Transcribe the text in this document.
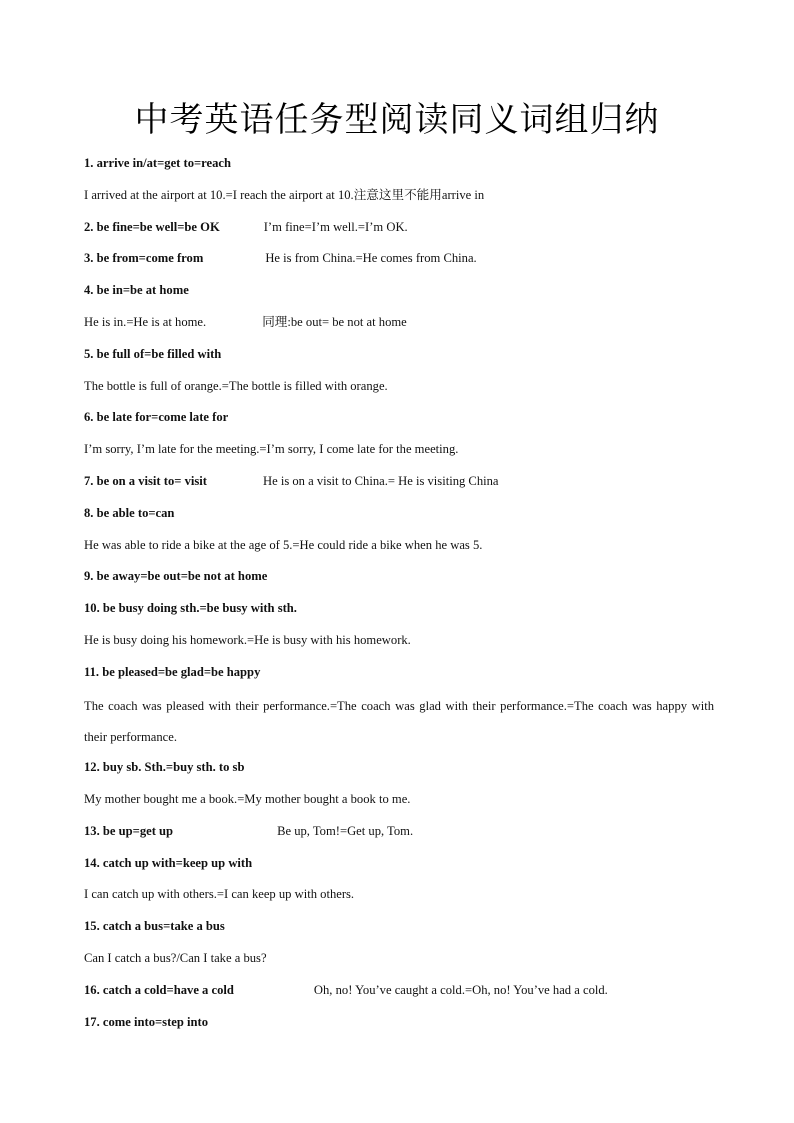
中考英语任务型阅读同义词组归纳
1. arrive in/at=get to=reach
I arrived at the airport at 10.=I reach the airport at 10.注意这里不能用arrive in
2. be fine=be well=be OK	I’m fine=I’m well.=I’m OK.
3. be from=come from	He is from China.=He comes from China.
4. be in=be at home
He is in.=He is at home.	同理:be out= be not at home
5. be full of=be filled with
The bottle is full of orange.=The bottle is filled with orange.
6. be late for=come late for
I’m sorry, I’m late for the meeting.=I’m sorry, I come late for the meeting.
7. be on a visit to= visit	He is on a visit to China.= He is visiting China
8. be able to=can
He was able to ride a bike at the age of 5.=He could ride a bike when he was 5.
9. be away=be out=be not at home
10. be busy doing sth.=be busy with sth.
He is busy doing his homework.=He is busy with his homework.
11. be pleased=be glad=be happy
The coach was pleased with their performance.=The coach was glad with their performance.=The coach was happy with their performance.
12. buy sb. Sth.=buy sth. to sb
My mother bought me a book.=My mother bought a book to me.
13. be up=get up	Be up, Tom!=Get up, Tom.
14. catch up with=keep up with
I can catch up with others.=I can keep up with others.
15. catch a bus=take a bus
Can I catch a bus?/Can I take a bus?
16. catch a cold=have a cold	Oh, no! You’ve caught a cold.=Oh, no! You’ve had a cold.
17. come into=step into
